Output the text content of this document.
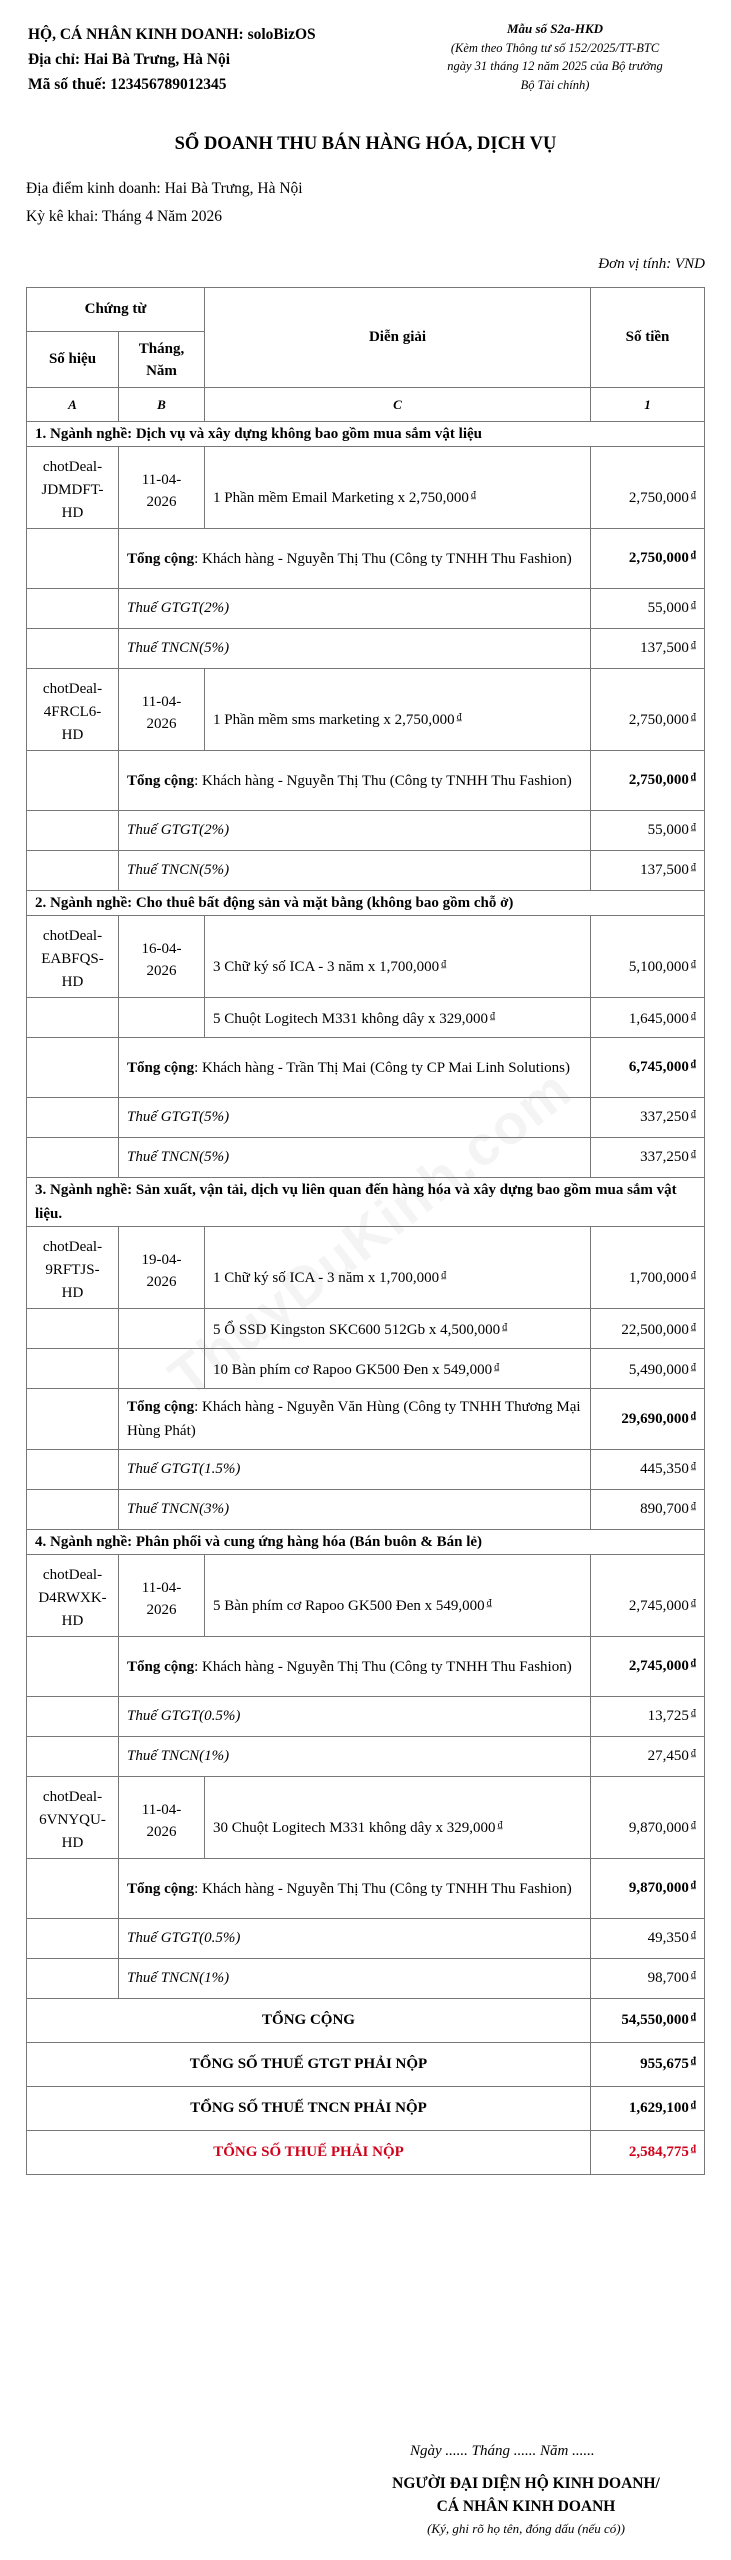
HỘ, CÁ NHÂN KINH DOANH: soloBizOS
Địa chỉ: Hai Bà Trưng, Hà Nội
Mã số thuế: 123456789012345
Mẫu số S2a-HKD
(Kèm theo Thông tư số 152/2025/TT-BTC
ngày 31 tháng 12 năm 2025 của Bộ trưởng
Bộ Tài chính)
SỔ DOANH THU BÁN HÀNG HÓA, DỊCH VỤ
Địa điểm kinh doanh: Hai Bà Trưng, Hà Nội
Kỳ kê khai: Tháng 4 Năm 2026
Đơn vị tính: VND
Chứng từ		Diễn giải	Số tiền
Số hiệu	Tháng, Năm		
A	B	C	1
1. Ngành nghề: Dịch vụ và xây dựng không bao gồm mua sắm vật liệu			
chotDeal-JDMDFT-HD	11-04-2026	1 Phần mềm Email Marketing x 2,750,000 ₫	2,750,000 ₫
	Tổng cộng: Khách hàng - Nguyễn Thị Thu (Công ty TNHH Thu Fashion)		2,750,000 ₫
	Thuế GTGT(2%)		55,000 ₫
	Thuế TNCN(5%)		137,500 ₫
chotDeal-4FRCL6-HD	11-04-2026	1 Phần mềm sms marketing x 2,750,000 ₫	2,750,000 ₫
	Tổng cộng: Khách hàng - Nguyễn Thị Thu (Công ty TNHH Thu Fashion)		2,750,000 ₫
	Thuế GTGT(2%)		55,000 ₫
	Thuế TNCN(5%)		137,500 ₫
2. Ngành nghề: Cho thuê bất động sản và mặt bằng (không bao gồm chỗ ở)			
chotDeal-EABFQS-HD	16-04-2026	3 Chữ ký số ICA - 3 năm x 1,700,000 ₫	5,100,000 ₫
		5 Chuột Logitech M331 không dây x 329,000 ₫	1,645,000 ₫
	Tổng cộng: Khách hàng - Trần Thị Mai (Công ty CP Mai Linh Solutions)		6,745,000 ₫
	Thuế GTGT(5%)		337,250 ₫
	Thuế TNCN(5%)		337,250 ₫
3. Ngành nghề: Sản xuất, vận tải, dịch vụ liên quan đến hàng hóa và xây dựng bao gồm mua sắm vật liệu.			
chotDeal-9RFTJS-HD	19-04-2026	1 Chữ ký số ICA - 3 năm x 1,700,000 ₫	1,700,000 ₫
		5 Ổ SSD Kingston SKC600 512Gb x 4,500,000 ₫	22,500,000 ₫
		10 Bàn phím cơ Rapoo GK500 Đen x 549,000 ₫	5,490,000 ₫
	Tổng cộng: Khách hàng - Nguyễn Văn Hùng (Công ty TNHH Thương Mại Hùng Phát)		29,690,000 ₫
	Thuế GTGT(1.5%)		445,350 ₫
	Thuế TNCN(3%)		890,700 ₫
4. Ngành nghề: Phân phối và cung ứng hàng hóa (Bán buôn & Bán lẻ)			
chotDeal-D4RWXK-HD	11-04-2026	5 Bàn phím cơ Rapoo GK500 Đen x 549,000 ₫	2,745,000 ₫
	Tổng cộng: Khách hàng - Nguyễn Thị Thu (Công ty TNHH Thu Fashion)		2,745,000 ₫
	Thuế GTGT(0.5%)		13,725 ₫
	Thuế TNCN(1%)		27,450 ₫
chotDeal-6VNYQU-HD	11-04-2026	30 Chuột Logitech M331 không dây x 329,000 ₫	9,870,000 ₫
	Tổng cộng: Khách hàng - Nguyễn Thị Thu (Công ty TNHH Thu Fashion)		9,870,000 ₫
	Thuế GTGT(0.5%)		49,350 ₫
	Thuế TNCN(1%)		98,700 ₫
TỔNG CỘNG			54,550,000 ₫
TỔNG SỐ THUẾ GTGT PHẢI NỘP			955,675 ₫
TỔNG SỐ THUẾ TNCN PHẢI NỘP			1,629,100 ₫
TỔNG SỐ THUẾ PHẢI NỘP			2,584,775 ₫
Ngày ...... Tháng ...... Năm ......
NGƯỜI ĐẠI DIỆN HỘ KINH DOANH/
CÁ NHÂN KINH DOANH
(Ký, ghi rõ họ tên, đóng dấu (nếu có))
